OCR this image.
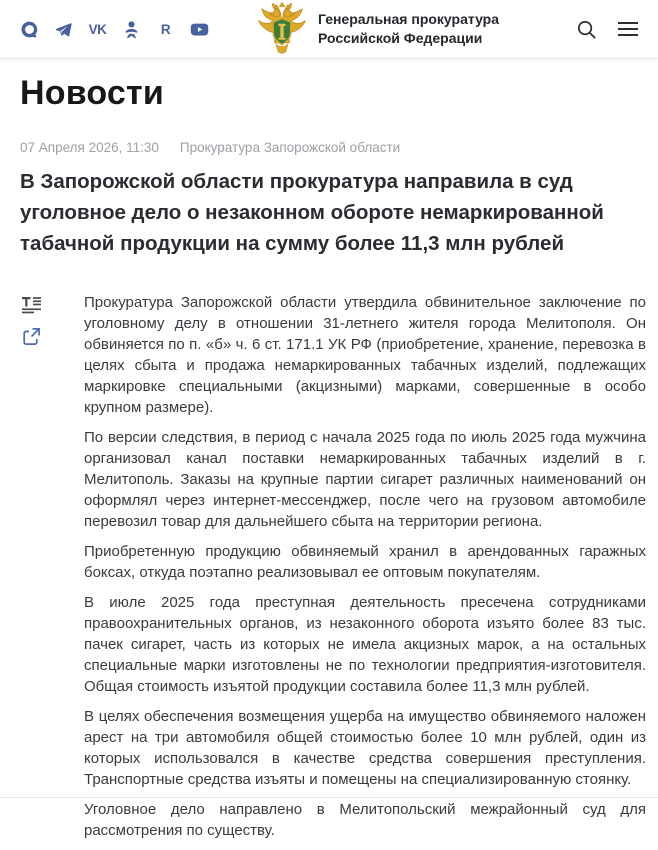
VK	R
Генеральная прокуратура
Российской Федерации
Новости
07 Апреля 2026, 11:30 Прокуратура Запорожской области
В Запорожской области прокуратура направила в суд уголовное дело о незаконном обороте немаркированной табачной продукции на сумму более 11,3 млн рублей

Прокуратура Запорожской области утвердила обвинительное заключение по уголовному делу в отношении 31-летнего жителя города Мелитополя. Он обвиняется по п. «б» ч. 6 ст. 171.1 УК РФ (приобретение, хранение, перевозка в целях сбыта и продажа немаркированных табачных изделий, подлежащих маркировке специальными (акцизными) марками, совершенные в особо крупном размере).

По версии следствия, в период с начала 2025 года по июль 2025 года мужчина организовал канал поставки немаркированных табачных изделий в г. Мелитополь. Заказы на крупные партии сигарет различных наименований он оформлял через интернет-мессенджер, после чего на грузовом автомобиле перевозил товар для дальнейшего сбыта на территории региона.

Приобретенную продукцию обвиняемый хранил в арендованных гаражных боксах, откуда поэтапно реализовывал ее оптовым покупателям.

В июле 2025 года преступная деятельность пресечена сотрудниками правоохранительных органов, из незаконного оборота изъято более 83 тыс. пачек сигарет, часть из которых не имела акцизных марок, а на остальных специальные марки изготовлены не по технологии предприятия-изготовителя. Общая стоимость изъятой продукции составила более 11,3 млн рублей.

В целях обеспечения возмещения ущерба на имущество обвиняемого наложен арест на три автомобиля общей стоимостью более 10 млн рублей, один из которых использовался в качестве средства совершения преступления. Транспортные средства изъяты и помещены на специализированную стоянку.

Уголовное дело направлено в Мелитопольский межрайонный суд для рассмотрения по существу.
